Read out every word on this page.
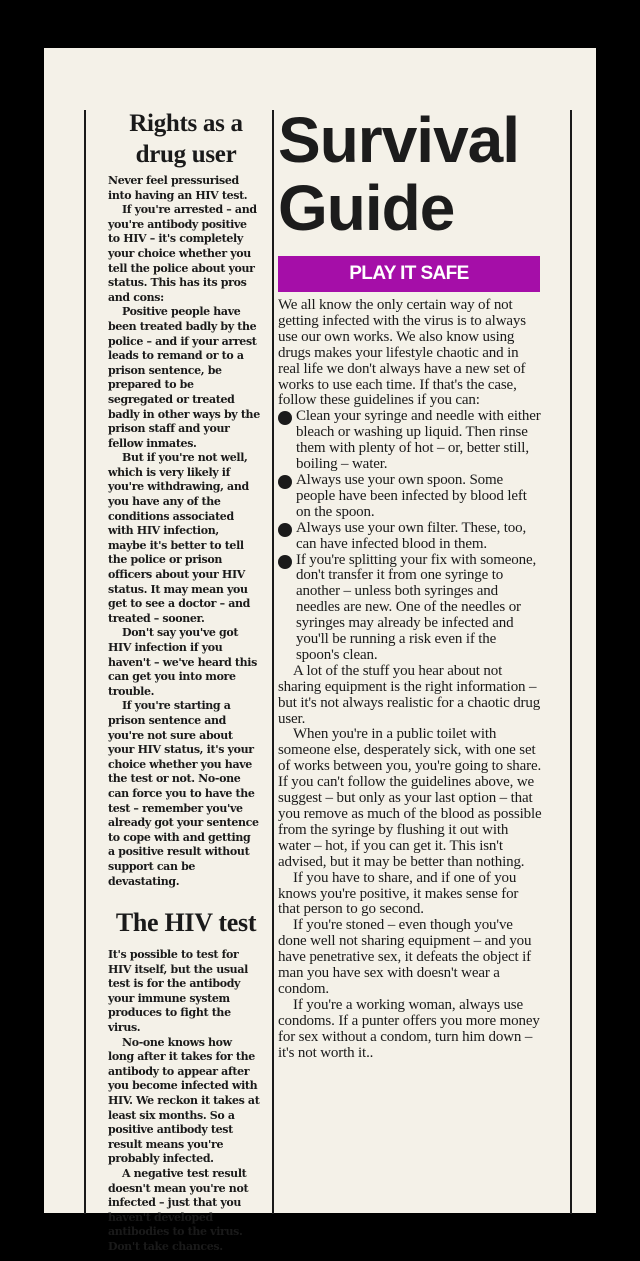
Rights as a drug user

Never feel pressurised into having an HIV test.

If you're arrested – and you're antibody positive to HIV – it's completely your choice whether you tell the police about your status. This has its pros and cons:

Positive people have been treated badly by the police – and if your arrest leads to remand or to a prison sentence, be prepared to be segregated or treated badly in other ways by the prison staff and your fellow inmates.

But if you're not well, which is very likely if you're withdrawing, and you have any of the conditions associated with HIV infection, maybe it's better to tell the police or prison officers about your HIV status. It may mean you get to see a doctor – and treated – sooner.

Don't say you've got HIV infection if you haven't – we've heard this can get you into more trouble.

If you're starting a prison sentence and you're not sure about your HIV status, it's your choice whether you have the test or not. No-one can force you to have the test – remember you've already got your sentence to cope with and getting a positive result without support can be devastating.

The HIV test

It's possible to test for HIV itself, but the usual test is for the antibody your immune system produces to fight the virus.

No-one knows how long after it takes for the antibody to appear after you become infected with HIV. We reckon it takes at least six months. So a positive antibody test result means you're probably infected.

A negative test result doesn't mean you're not infected – just that you haven't developed antibodies to the virus. Don't take chances.

Survival Guide
PLAY IT SAFE

We all know the only certain way of not getting infected with the virus is to always use our own works. We also know using drugs makes your lifestyle chaotic and in real life we don't always have a new set of works to use each time. If that's the case, follow these guidelines if you can:

Clean your syringe and needle with either bleach or washing up liquid. Then rinse them with plenty of hot – or, better still, boiling – water.
Always use your own spoon. Some people have been infected by blood left on the spoon.
Always use your own filter. These, too, can have infected blood in them.
If you're splitting your fix with someone, don't transfer it from one syringe to another – unless both syringes and needles are new. One of the needles or syringes may already be infected and you'll be running a risk even if the spoon's clean.

A lot of the stuff you hear about not sharing equipment is the right information – but it's not always realistic for a chaotic drug user.

When you're in a public toilet with someone else, desperately sick, with one set of works between you, you're going to share. If you can't follow the guidelines above, we suggest – but only as your last option – that you remove as much of the blood as possible from the syringe by flushing it out with water – hot, if you can get it. This isn't advised, but it may be better than nothing.

If you have to share, and if one of you knows you're positive, it makes sense for that person to go second.

If you're stoned – even though you've done well not sharing equipment – and you have penetrative sex, it defeats the object if man you have sex with doesn't wear a condom.

If you're a working woman, always use condoms. If a punter offers you more money for sex without a condom, turn him down – it's not worth it..
